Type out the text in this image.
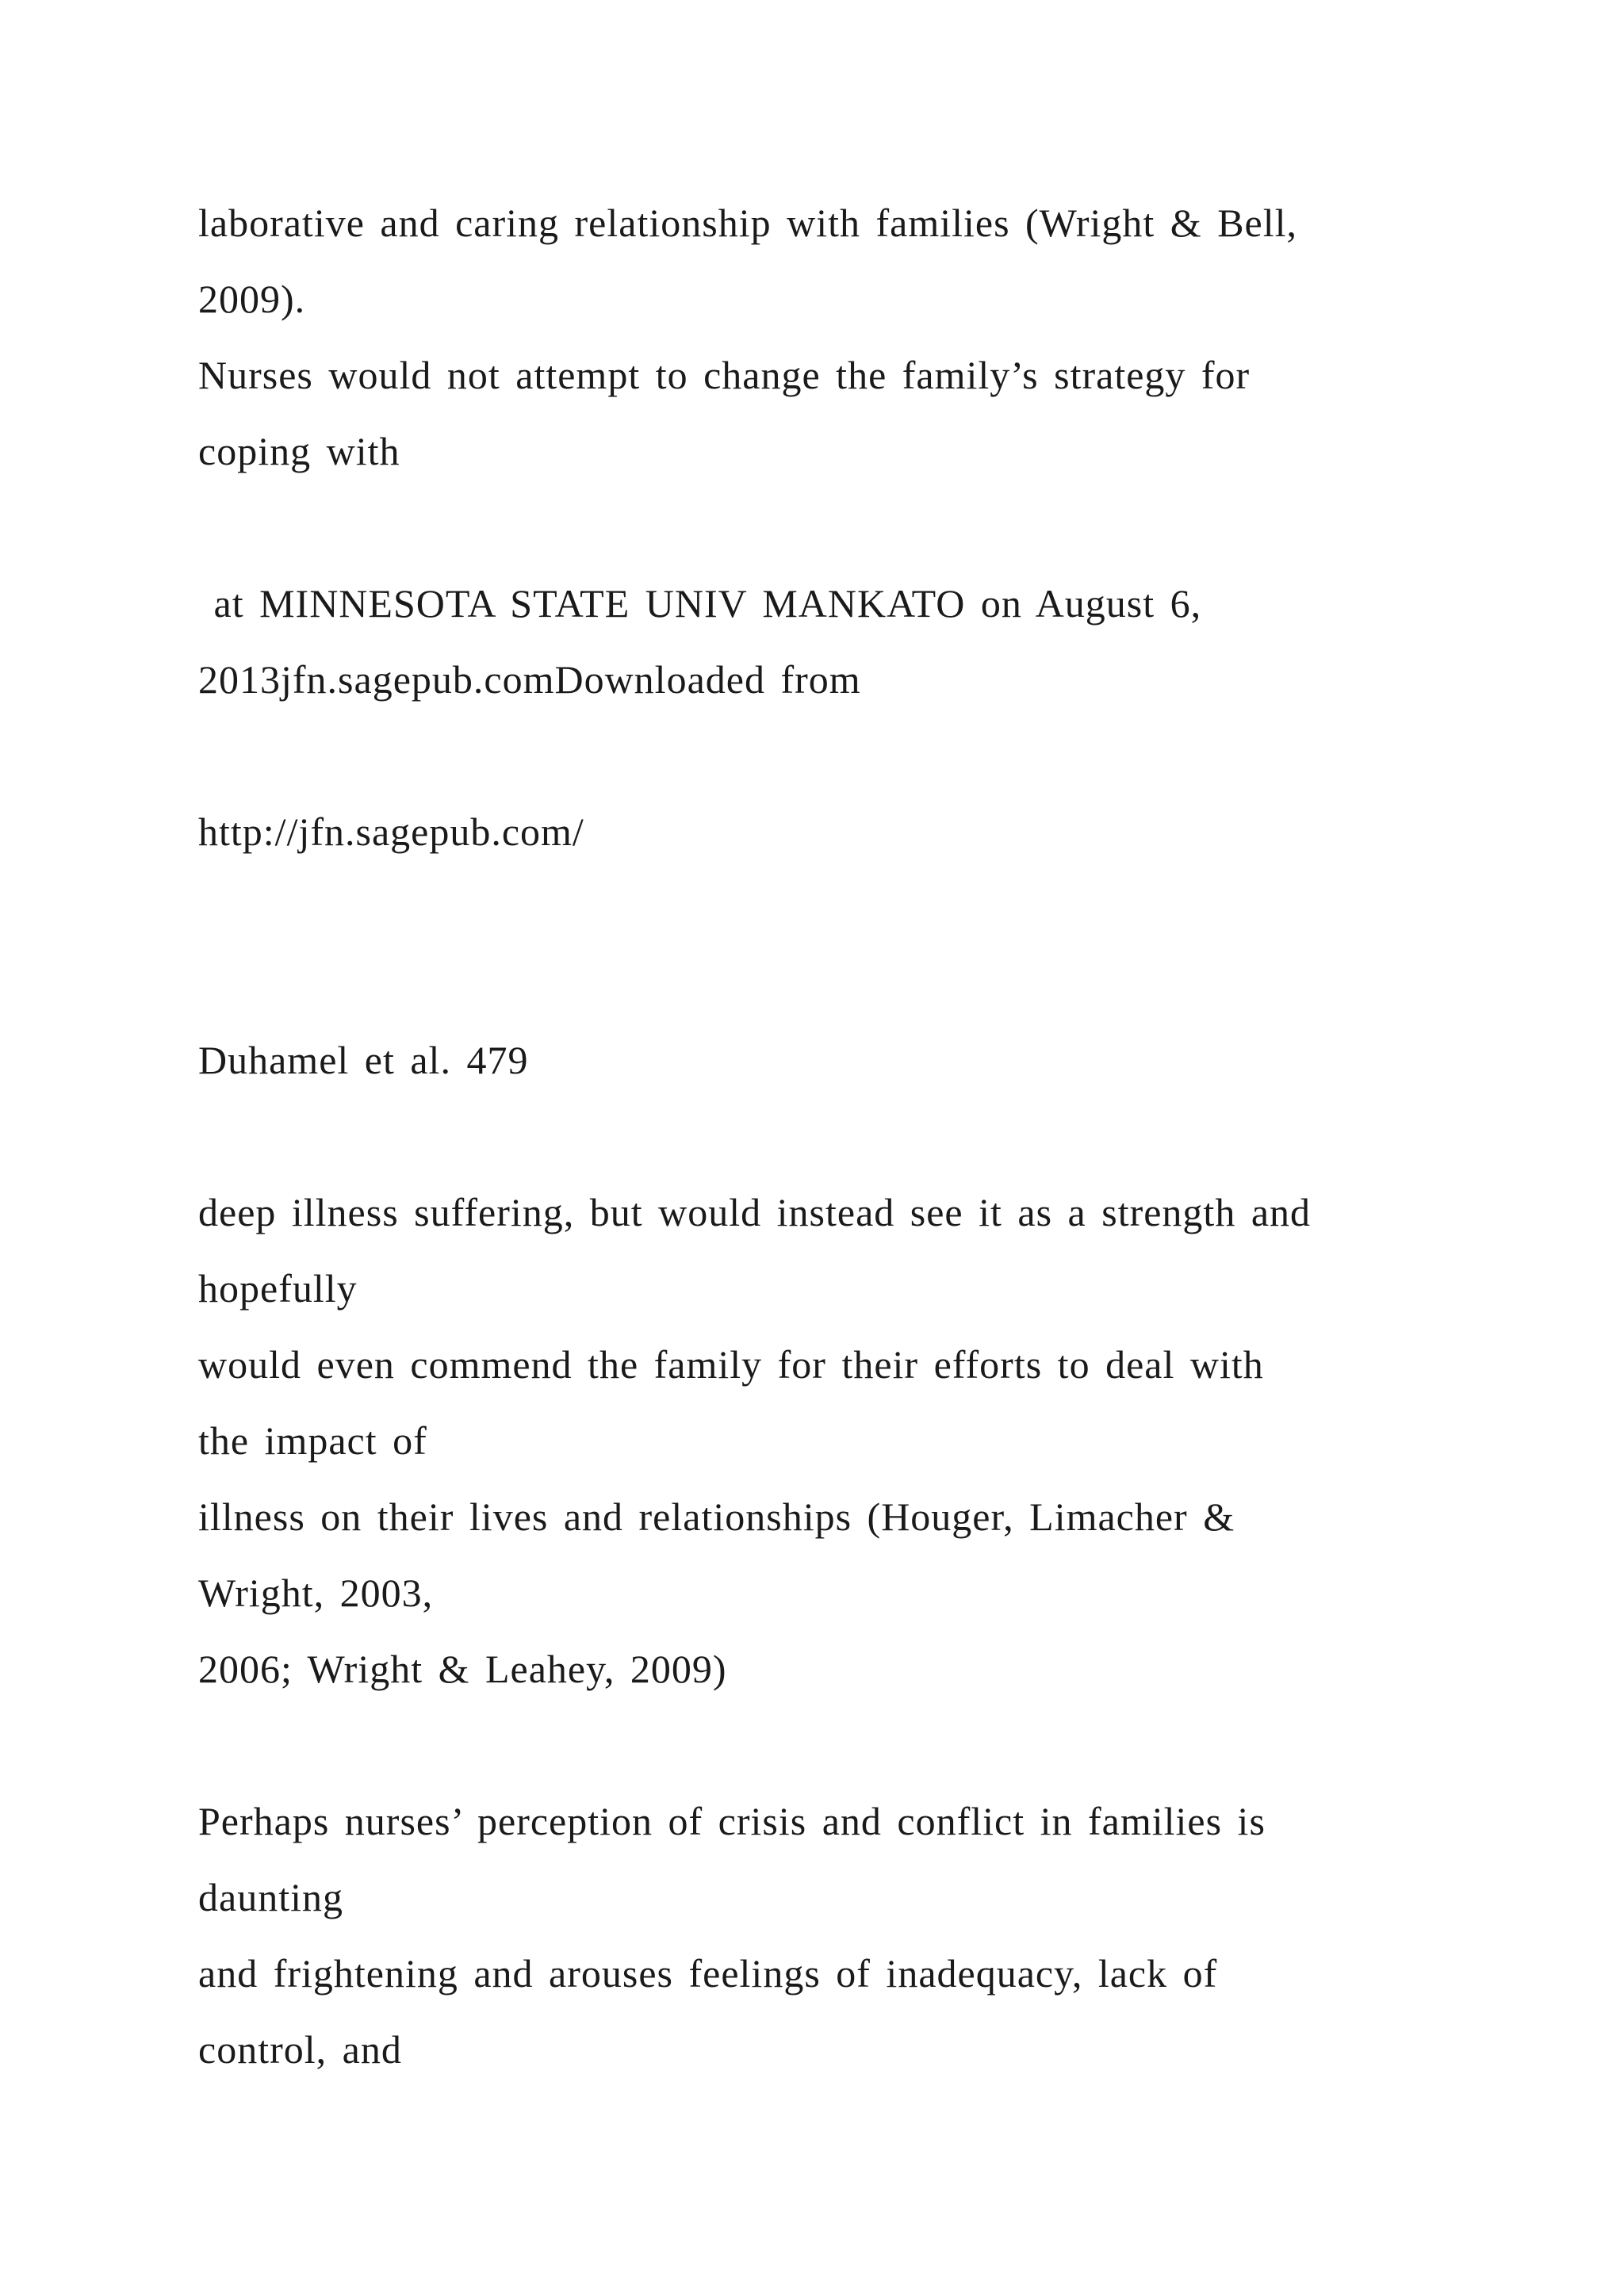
laborative and caring relationship with families (Wright & Bell,
2009).
Nurses would not attempt to change the family’s strategy for
coping with
at MINNESOTA STATE UNIV MANKATO on August 6,
2013jfn.sagepub.comDownloaded from
http://jfn.sagepub.com/
Duhamel et al. 479
deep illness suffering, but would instead see it as a strength and
hopefully
would even commend the family for their efforts to deal with
the impact of
illness on their lives and relationships (Houger, Limacher &
Wright, 2003,
2006; Wright & Leahey, 2009)
Perhaps nurses’ perception of crisis and conflict in families is
daunting
and frightening and arouses feelings of inadequacy, lack of
control, and
